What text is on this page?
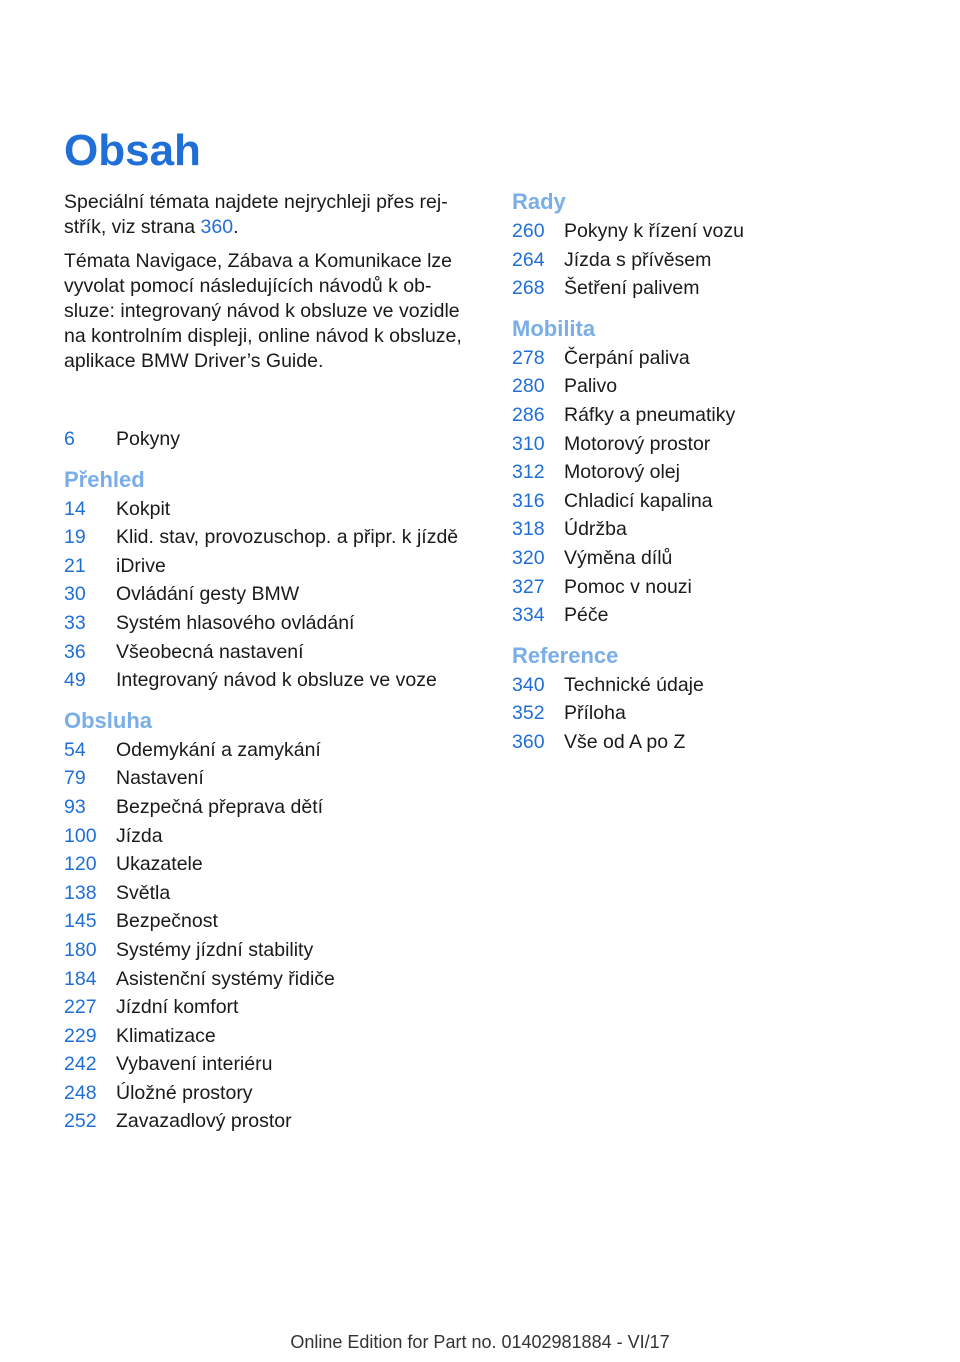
Obsah

Speciální témata najdete nejrychleji přes rej‐ střík, viz strana 360.

Témata Navigace, Zábava a Komunikace lze vyvolat pomocí následujících návodů k ob‐ sluze: integrovaný návod k obsluze ve vozidle na kontrolním displeji, online návod k obsluze, aplikace BMW Driver’s Guide.

6	Pokyny
Přehled
14	Kokpit
19	Klid. stav, provozuschop. a připr. k jízdě
21	iDrive
30	Ovládání gesty BMW
33	Systém hlasového ovládání
36	Všeobecná nastavení
49	Integrovaný návod k obsluze ve voze
Obsluha
54	Odemykání a zamykání
79	Nastavení
93	Bezpečná přeprava dětí
100 Jízda
120 Ukazatele
138 Světla
145 Bezpečnost
180 Systémy jízdní stability
184 Asistenční systémy řidiče
227 Jízdní komfort
229 Klimatizace
242 Vybavení interiéru
248 Úložné prostory
252 Zavazadlový prostor
Rady
260 Pokyny k řízení vozu
264 Jízda s přívěsem
268 Šetření palivem
Mobilita
278 Čerpání paliva
280 Palivo
286 Ráfky a pneumatiky
310 Motorový prostor
312 Motorový olej
316 Chladicí kapalina
318 Údržba
320 Výměna dílů
327 Pomoc v nouzi
334 Péče
Reference
340 Technické údaje
352 Příloha
360 Vše od A po Z
Online Edition for Part no. 01402981884 - VI/17
